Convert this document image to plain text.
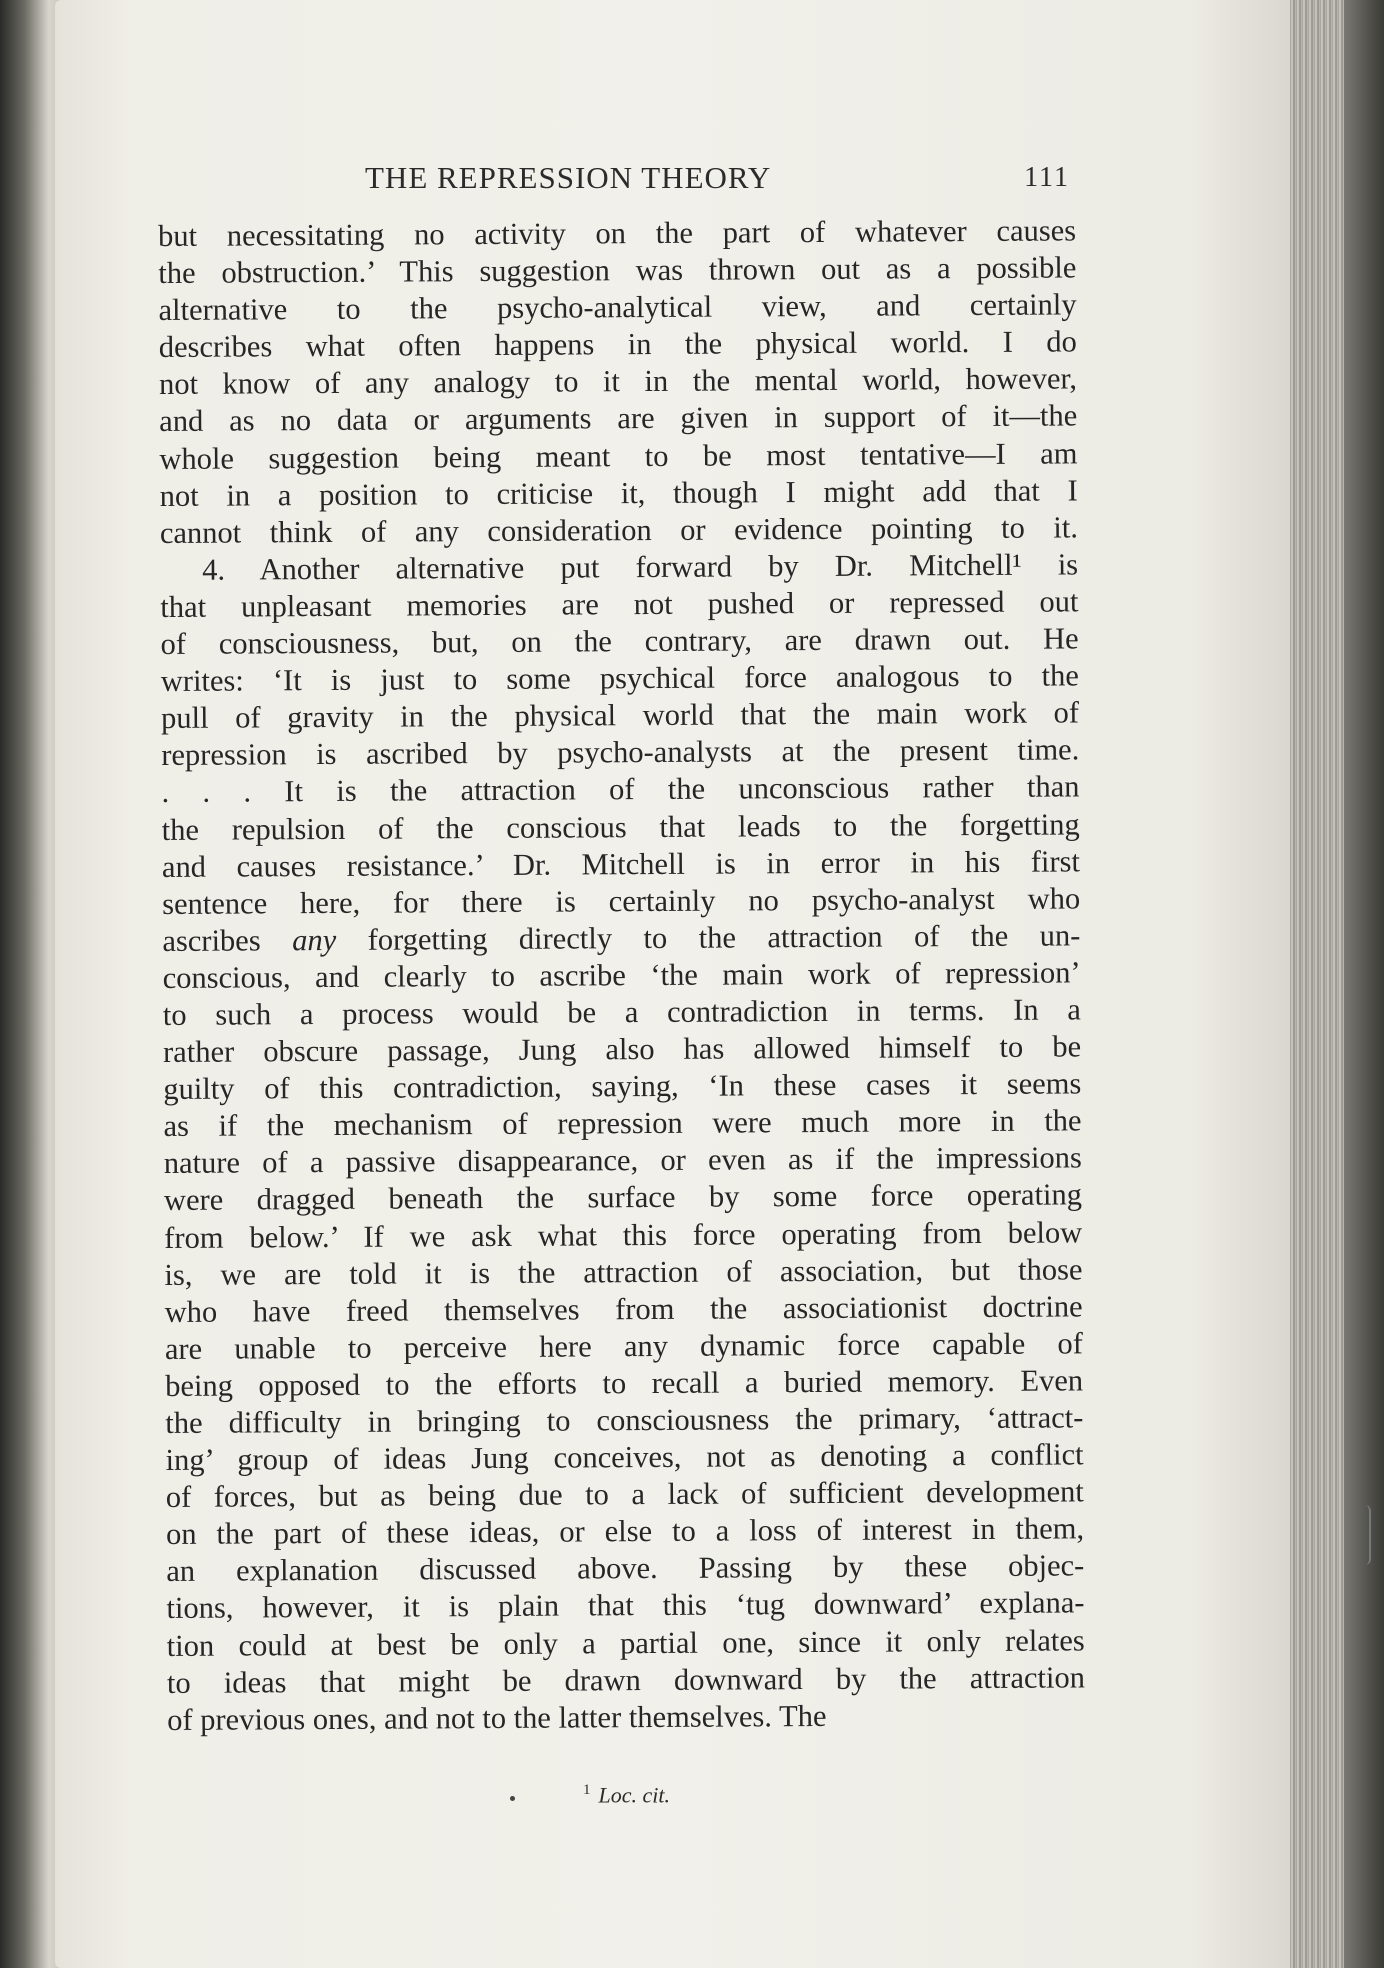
THE REPRESSION THEORY	111
but necessitating no activity on the part of whatever causes
the obstruction.’ This suggestion was thrown out as a possible
alternative to the psycho-analytical view, and certainly
describes what often happens in the physical world. I do
not know of any analogy to it in the mental world, however,
and as no data or arguments are given in support of it—the
whole suggestion being meant to be most tentative—I am
not in a position to criticise it, though I might add that I
cannot think of any consideration or evidence pointing to it.
4. Another alternative put forward by Dr. Mitchell¹ is
that unpleasant memories are not pushed or repressed out
of consciousness, but, on the contrary, are drawn out. He
writes: ‘It is just to some psychical force analogous to the
pull of gravity in the physical world that the main work of
repression is ascribed by psycho-analysts at the present time.
. . . It is the attraction of the unconscious rather than
the repulsion of the conscious that leads to the forgetting
and causes resistance.’ Dr. Mitchell is in error in his first
sentence here, for there is certainly no psycho-analyst who
ascribes any forgetting directly to the attraction of the un-
conscious, and clearly to ascribe ‘the main work of repression’
to such a process would be a contradiction in terms. In a
rather obscure passage, Jung also has allowed himself to be
guilty of this contradiction, saying, ‘In these cases it seems
as if the mechanism of repression were much more in the
nature of a passive disappearance, or even as if the impressions
were dragged beneath the surface by some force operating
from below.’ If we ask what this force operating from below
is, we are told it is the attraction of association, but those
who have freed themselves from the associationist doctrine
are unable to perceive here any dynamic force capable of
being opposed to the efforts to recall a buried memory. Even
the difficulty in bringing to consciousness the primary, ‘attract-
ing’ group of ideas Jung conceives, not as denoting a conflict
of forces, but as being due to a lack of sufficient development
on the part of these ideas, or else to a loss of interest in them,
an explanation discussed above. Passing by these objec-
tions, however, it is plain that this ‘tug downward’ explana-
tion could at best be only a partial one, since it only relates
to ideas that might be drawn downward by the attraction
of previous ones, and not to the latter themselves. The
$^1$ Loc. cit.
